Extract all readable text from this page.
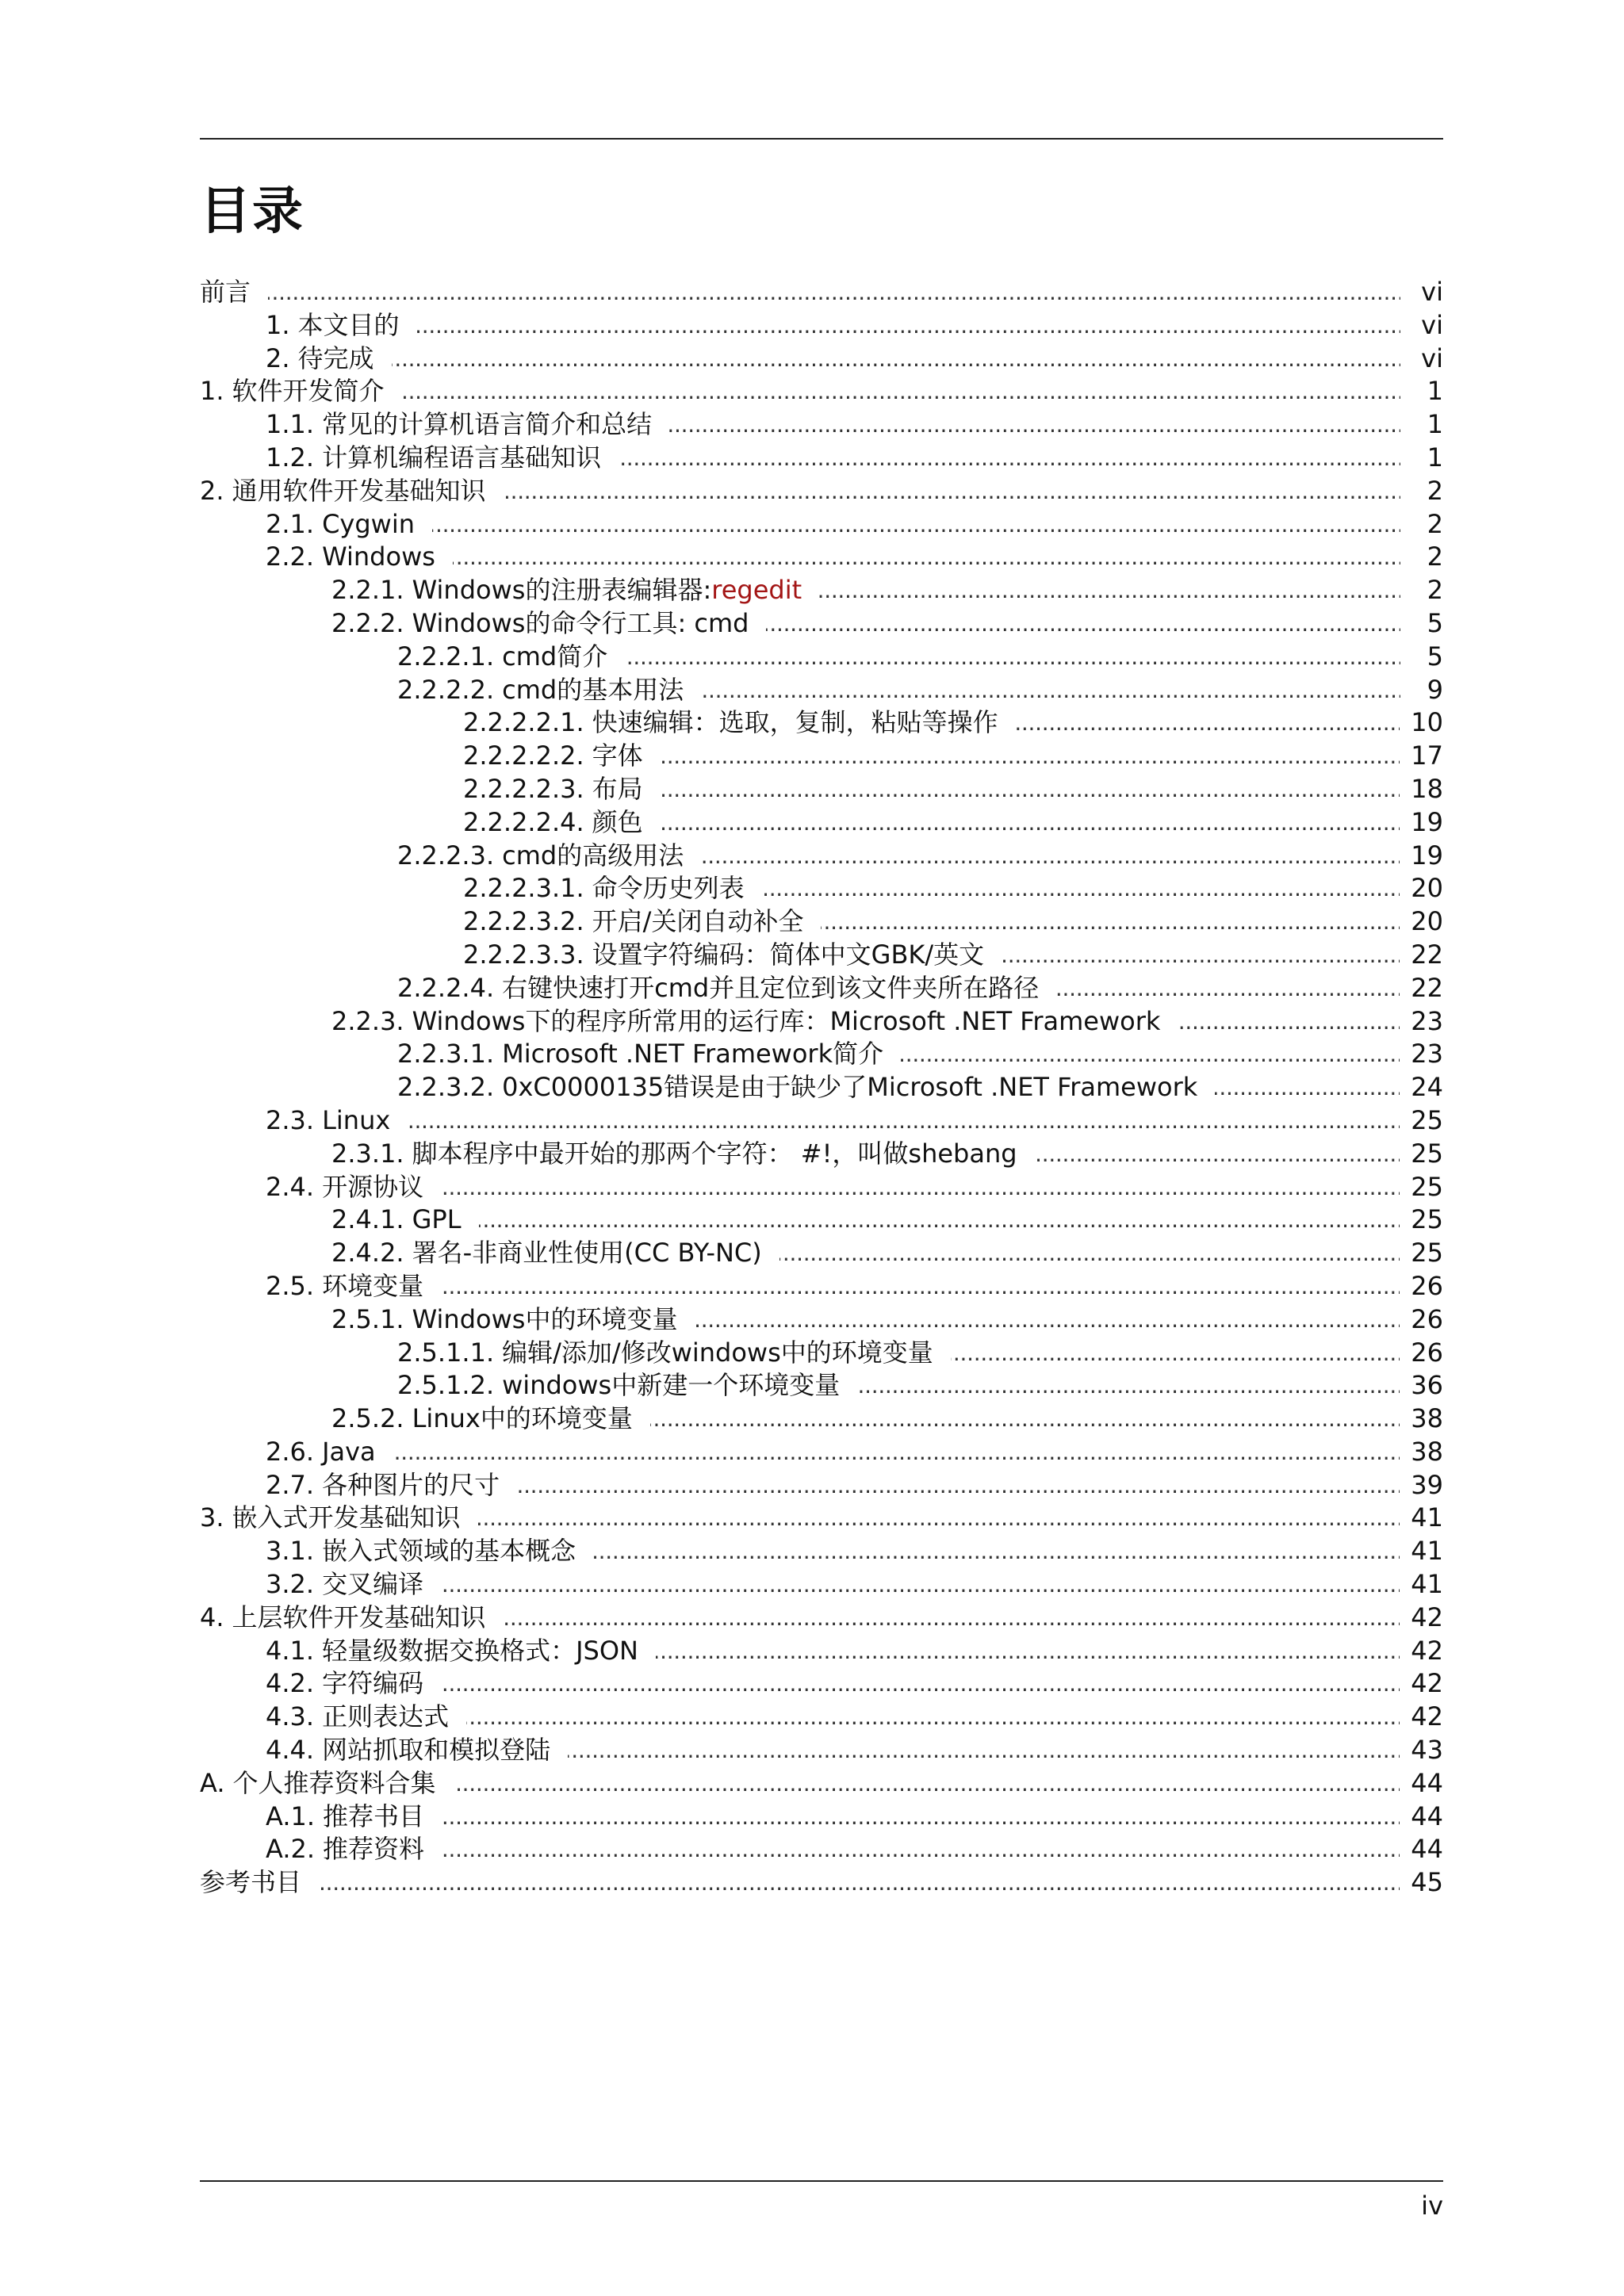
目录
前言 . . .	vi
1. 本文目的 . . .	vi
2. 待完成 . . .	vi
1. 软件开发简介 . . .	1
1.1. 常见的计算机语言简介和总结 . . .	1
1.2. 计算机编程语言基础知识 . . .	1
2. 通用软件开发基础知识 . . .	2
2.1. Cygwin . . .	2
2.2. Windows . . .	2
2.2.1. Windows的注册表编辑器:regedit . . .	2
2.2.2. Windows的命令行工具: cmd . . .	5
2.2.2.1. cmd简介 . . .	5
2.2.2.2. cmd的基本用法 . . .	9
2.2.2.2.1. 快速编辑：选取，复制，粘贴等操作 . . .	10
2.2.2.2.2. 字体 . . .	17
2.2.2.2.3. 布局 . . .	18
2.2.2.2.4. 颜色 . . .	19
2.2.2.3. cmd的高级用法 . . .	19
2.2.2.3.1. 命令历史列表 . . .	20
2.2.2.3.2. 开启/关闭自动补全 . . .	20
2.2.2.3.3. 设置字符编码：简体中文GBK/英文 . . .	22
2.2.2.4. 右键快速打开cmd并且定位到该文件夹所在路径 . . .	22
2.2.3. Windows下的程序所常用的运行库：Microsoft .NET Framework . . .	23
2.2.3.1. Microsoft .NET Framework简介 . . .	23
2.2.3.2. 0xC0000135错误是由于缺少了Microsoft .NET Framework . . .	24
2.3. Linux . . .	25
2.3.1. 脚本程序中最开始的那两个字符： #!，叫做shebang . . .	25
2.4. 开源协议 . . .	25
2.4.1. GPL . . .	25
2.4.2. 署名-非商业性使用(CC BY-NC) . . .	25
2.5. 环境变量 . . .	26
2.5.1. Windows中的环境变量 . . .	26
2.5.1.1. 编辑/添加/修改windows中的环境变量 . . .	26
2.5.1.2. windows中新建一个环境变量 . . .	36
2.5.2. Linux中的环境变量 . . .	38
2.6. Java . . .	38
2.7. 各种图片的尺寸 . . .	39
3. 嵌入式开发基础知识 . . .	41
3.1. 嵌入式领域的基本概念 . . .	41
3.2. 交叉编译 . . .	41
4. 上层软件开发基础知识 . . .	42
4.1. 轻量级数据交换格式：JSON . . .	42
4.2. 字符编码 . . .	42
4.3. 正则表达式 . . .	42
4.4. 网站抓取和模拟登陆 . . .	43
A. 个人推荐资料合集 . . .	44
A.1. 推荐书目 . . .	44
A.2. 推荐资料 . . .	44
参考书目 . . .	45
iv
